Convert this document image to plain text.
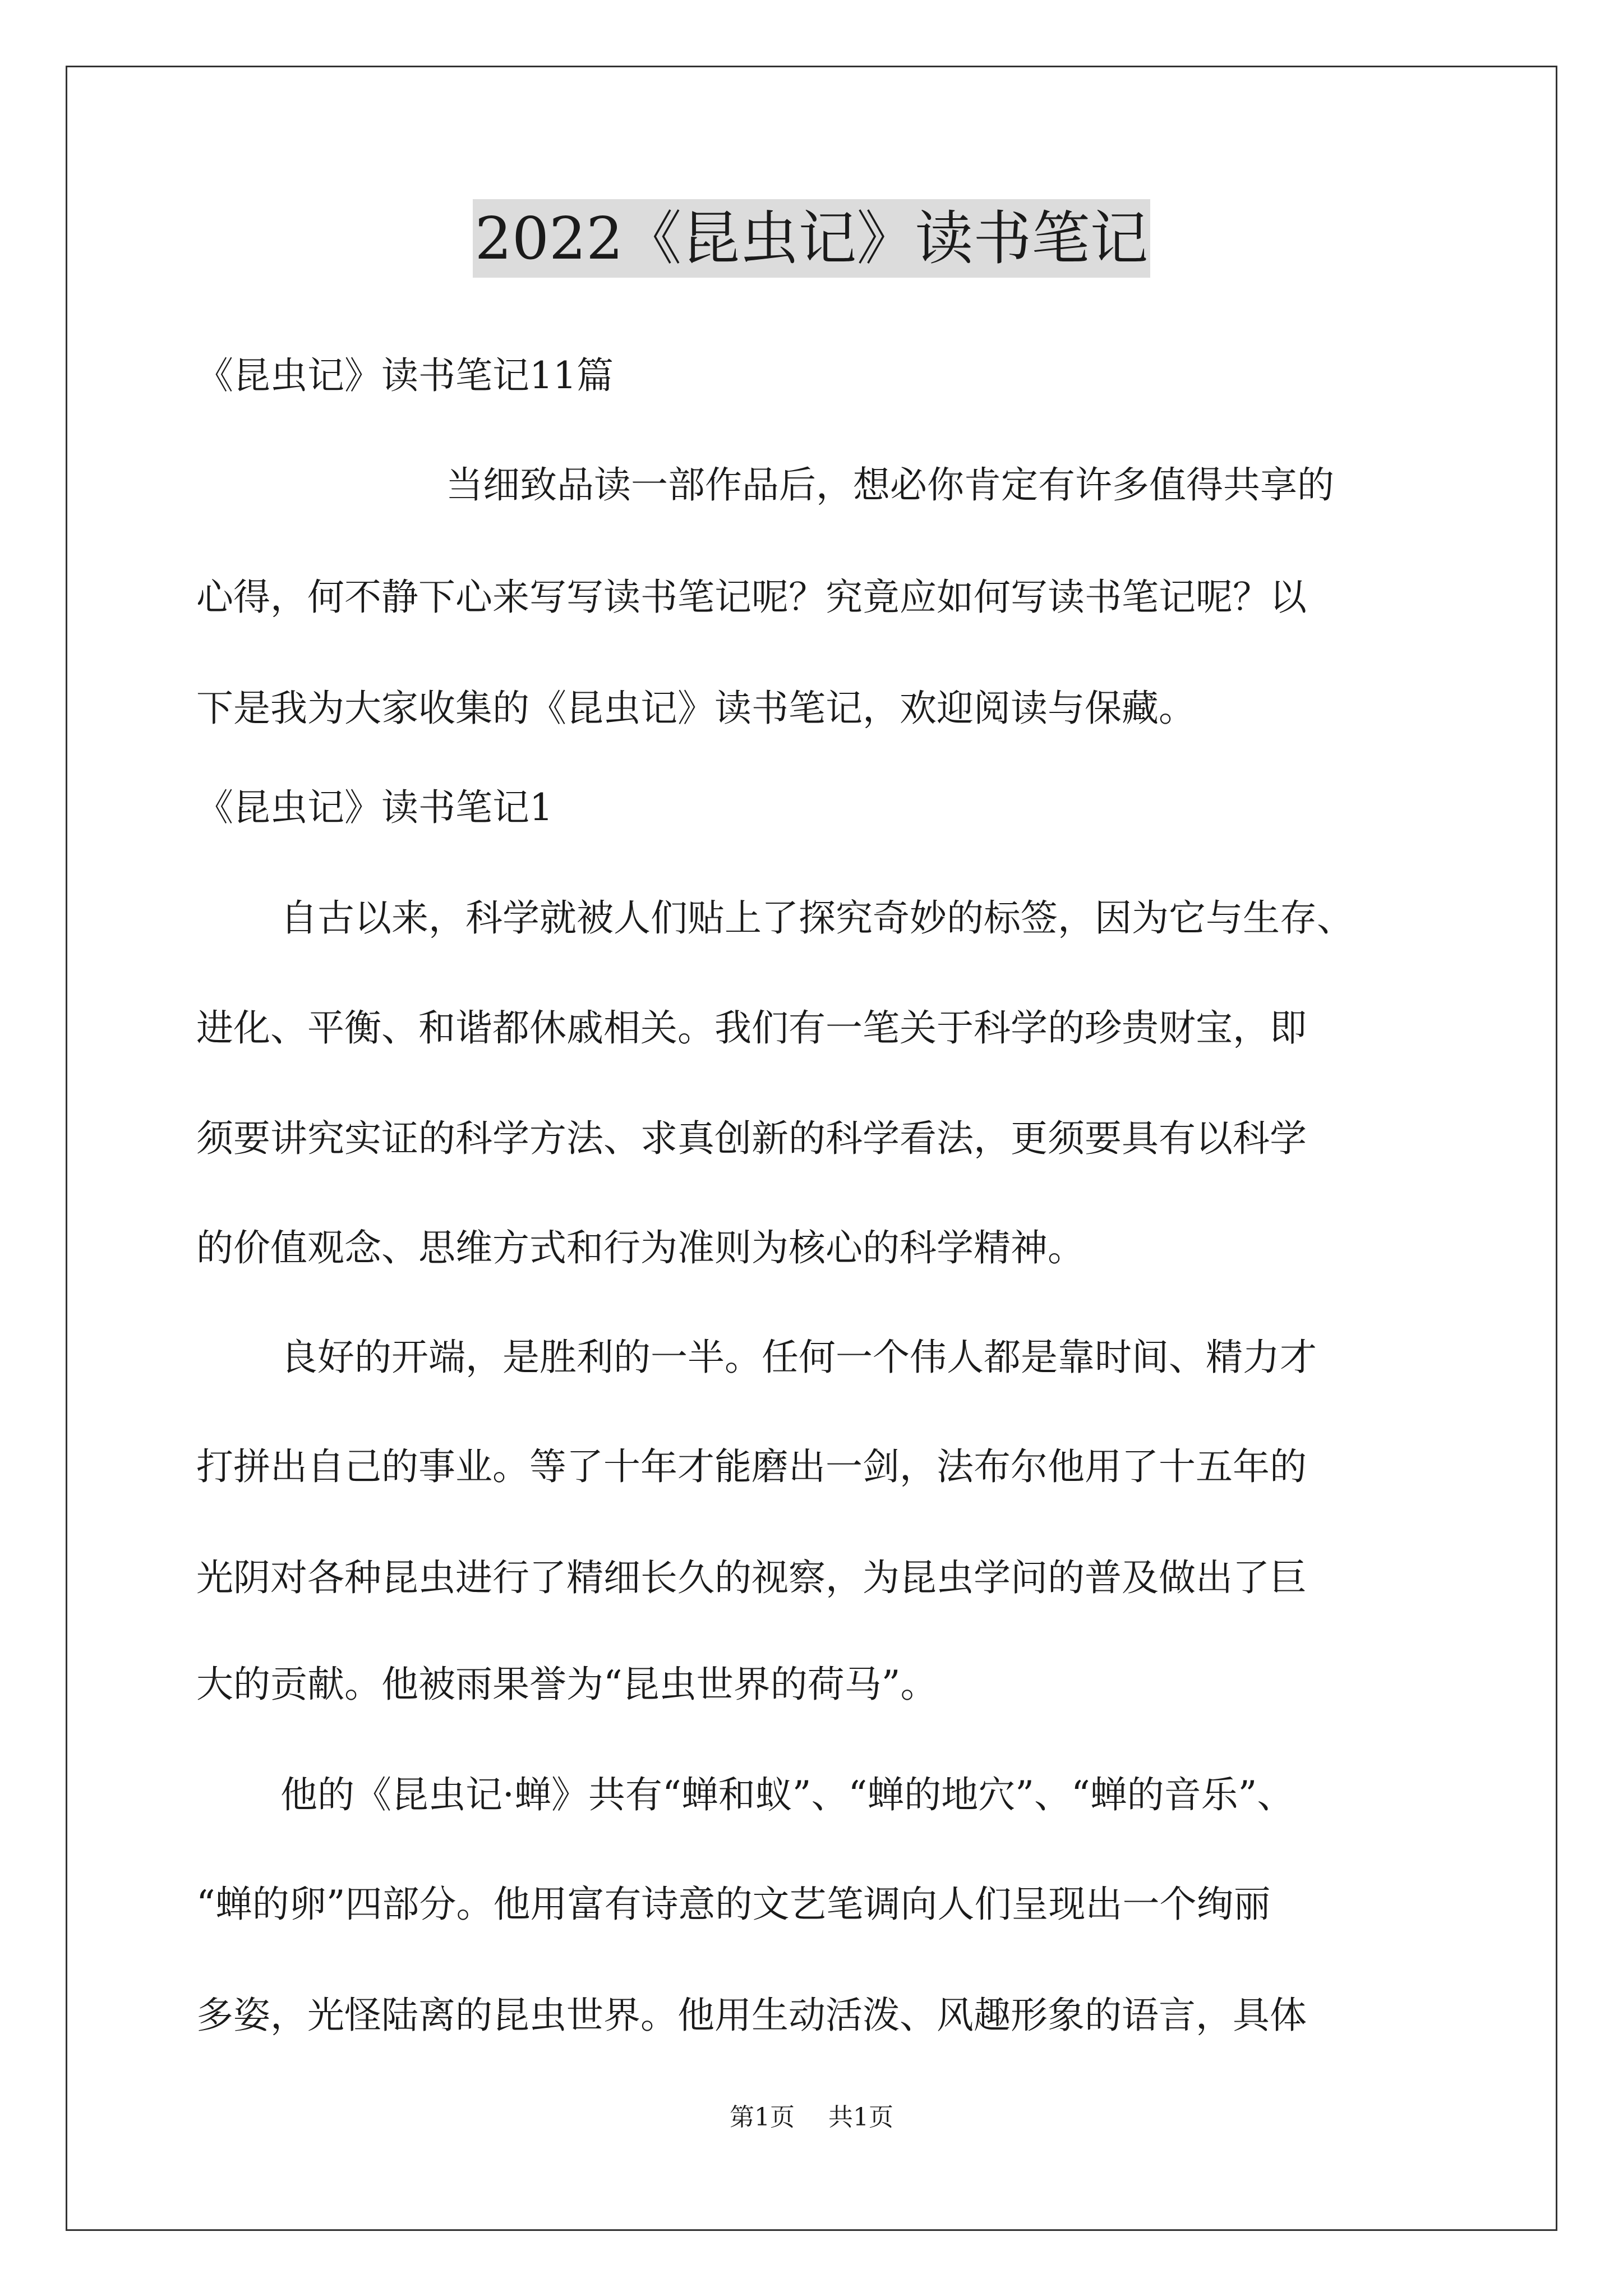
2022《昆虫记》读书笔记

《昆虫记》读书笔记11篇

当细致品读一部作品后，想必你肯定有许多值得共享的

心得，何不静下心来写写读书笔记呢？究竟应如何写读书笔记呢？以

下是我为大家收集的《昆虫记》读书笔记，欢迎阅读与保藏。

《昆虫记》读书笔记1

自古以来，科学就被人们贴上了探究奇妙的标签，因为它与生存、

进化、平衡、和谐都休戚相关。我们有一笔关于科学的珍贵财宝，即

须要讲究实证的科学方法、求真创新的科学看法，更须要具有以科学

的价值观念、思维方式和行为准则为核心的科学精神。

良好的开端，是胜利的一半。任何一个伟人都是靠时间、精力才

打拼出自己的事业。等了十年才能磨出一剑，法布尔他用了十五年的

光阴对各种昆虫进行了精细长久的视察，为昆虫学问的普及做出了巨

大的贡献。他被雨果誉为“昆虫世界的荷马”。

他的《昆虫记·蝉》共有“蝉和蚁”、“蝉的地穴”、“蝉的音乐”、

“蝉的卵”四部分。他用富有诗意的文艺笔调向人们呈现出一个绚丽

多姿，光怪陆离的昆虫世界。他用生动活泼、风趣形象的语言，具体

第1页 共1页
